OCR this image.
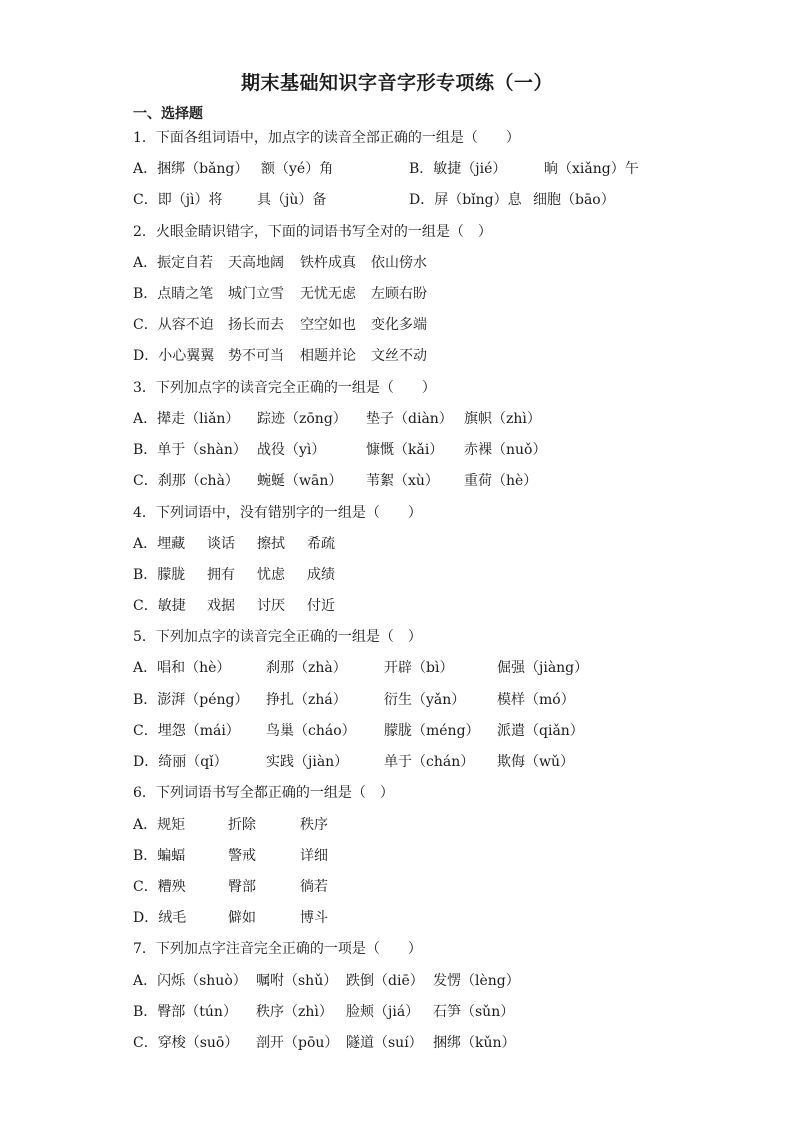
期末基础知识字音字形专项练（一）
一、选择题
1．下面各组词语中，加点字的读音全部正确的一组是（　　）
A．捆绑（bǎng） 额（yé）角	B．敏捷（jié）	晌（xiǎng）午
C．即（jì）将 具（jù）备	D．屏（bǐng）息 细胞（bāo）
2．火眼金睛识错字，下面的词语书写全对的一组是（　）
A．振定自若 天高地阔 铁杵成真 依山傍水
B．点睛之笔 城门立雪 无忧无虑 左顾右盼
C．从容不迫 扬长而去 空空如也 变化多端
D．小心翼翼 势不可当 相题并论 文丝不动
3．下列加点字的读音完全正确的一组是（　　）
A．撵走（liǎn） 踪迹（zōng） 垫子（diàn） 旗帜（zhì）
B．单于（shàn） 战役（yì）	慷慨（kǎi） 赤裸（nuǒ）
C．刹那（chà） 蜿蜒（wān） 苇絮（xù） 重荷（hè）
4．下列词语中，没有错别字的一组是（　　）
A．埋藏 谈话 擦拭 希疏
B．朦胧 拥有 忧虑 成绩
C．敏捷 戏据 讨厌 付近
5．下列加点字的读音完全正确的一组是（　）
A．唱和（hè）	刹那（zhà）	开辟（bì）	倔强（jiàng）
B．澎湃（péng） 挣扎（zhá）	衍生（yǎn） 模样（mó）
C．埋怨（mái） 鸟巢（cháo） 朦胧（méng） 派遣（qiǎn）
D．绮丽（qǐ）	实践（jiàn）	单于（chán） 欺侮（wǔ）
6．下列词语书写全都正确的一组是（　）
A．规矩	折除	秩序
B．蝙蝠	警戒	详细
C．糟殃	臀部	徜若
D．绒毛	僻如	博斗
7．下列加点字注音完全正确的一项是（　　）
A．闪烁（shuò） 嘱咐（shǔ） 跌倒（diē） 发愣（lèng）
B．臀部（tún） 秩序（zhì） 脸颊（jiá） 石笋（sǔn）
C．穿梭（suō） 剖开（pōu） 隧道（suí） 捆绑（kǔn）
